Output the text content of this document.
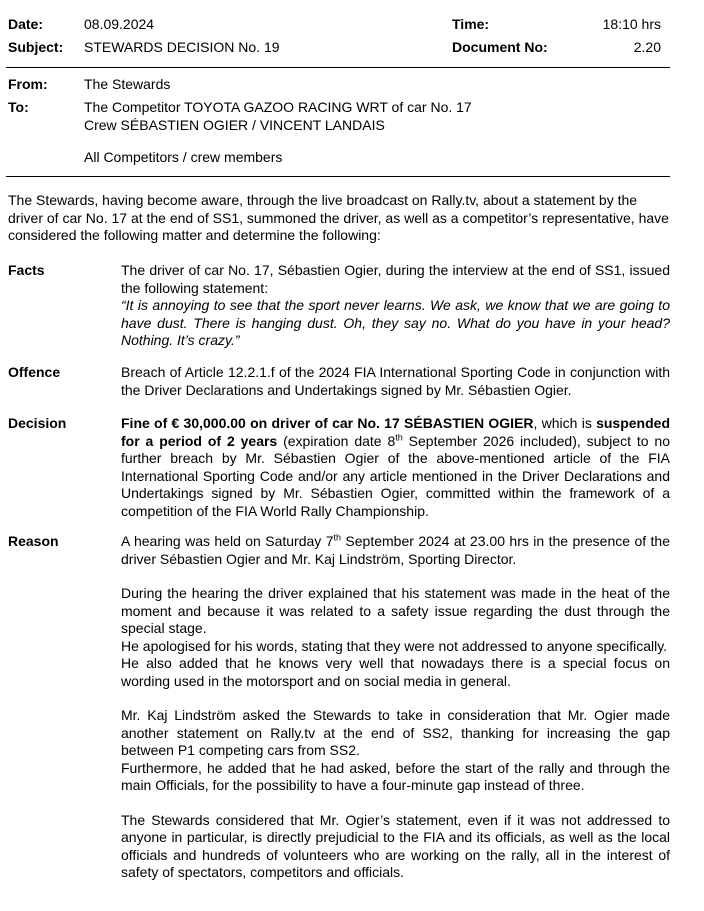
Date:	08.09.2024	Time:	18:10 hrs
Subject: STEWARDS DECISION No. 19	Document No:	2.20
From:	The Stewards
To:	The Competitor TOYOTA GAZOO RACING WRT of car No. 17
Crew SÉBASTIEN OGIER / VINCENT LANDAIS
All Competitors / crew members
The Stewards, having become aware, through the live broadcast on Rally.tv, about a statement by the driver of car No. 17 at the end of SS1, summoned the driver, as well as a competitor’s representative, have considered the following matter and determine the following:
Facts	The driver of car No. 17, Sébastien Ogier, during the interview at the end of SS1, issued the following statement:

“It is annoying to see that the sport never learns. We ask, we know that we are going to have dust. There is hanging dust. Oh, they say no. What do you have in your head? Nothing. It’s crazy.”

Offence	Breach of Article 12.2.1.f of the 2024 FIA International Sporting Code in conjunction with the Driver Declarations and Undertakings signed by Mr. Sébastien Ogier.

Decision	Fine of € 30,000.00 on driver of car No. 17 SÉBASTIEN OGIER, which is suspended for a period of 2 years (expiration date 8th September 2026 included), subject to no further breach by Mr. Sébastien Ogier of the above-mentioned article of the FIA International Sporting Code and/or any article mentioned in the Driver Declarations and Undertakings signed by Mr. Sébastien Ogier, committed within the framework of a competition of the FIA World Rally Championship.

Reason	A hearing was held on Saturday 7th September 2024 at 23.00 hrs in the presence of the driver Sébastien Ogier and Mr. Kaj Lindström, Sporting Director.

During the hearing the driver explained that his statement was made in the heat of the moment and because it was related to a safety issue regarding the dust through the special stage.

He apologised for his words, stating that they were not addressed to anyone specifically.

He also added that he knows very well that nowadays there is a special focus on wording used in the motorsport and on social media in general.

Mr. Kaj Lindström asked the Stewards to take in consideration that Mr. Ogier made another statement on Rally.tv at the end of SS2, thanking for increasing the gap between P1 competing cars from SS2.

Furthermore, he added that he had asked, before the start of the rally and through the main Officials, for the possibility to have a four-minute gap instead of three.

The Stewards considered that Mr. Ogier’s statement, even if it was not addressed to anyone in particular, is directly prejudicial to the FIA and its officials, as well as the local officials and hundreds of volunteers who are working on the rally, all in the interest of safety of spectators, competitors and officials.
